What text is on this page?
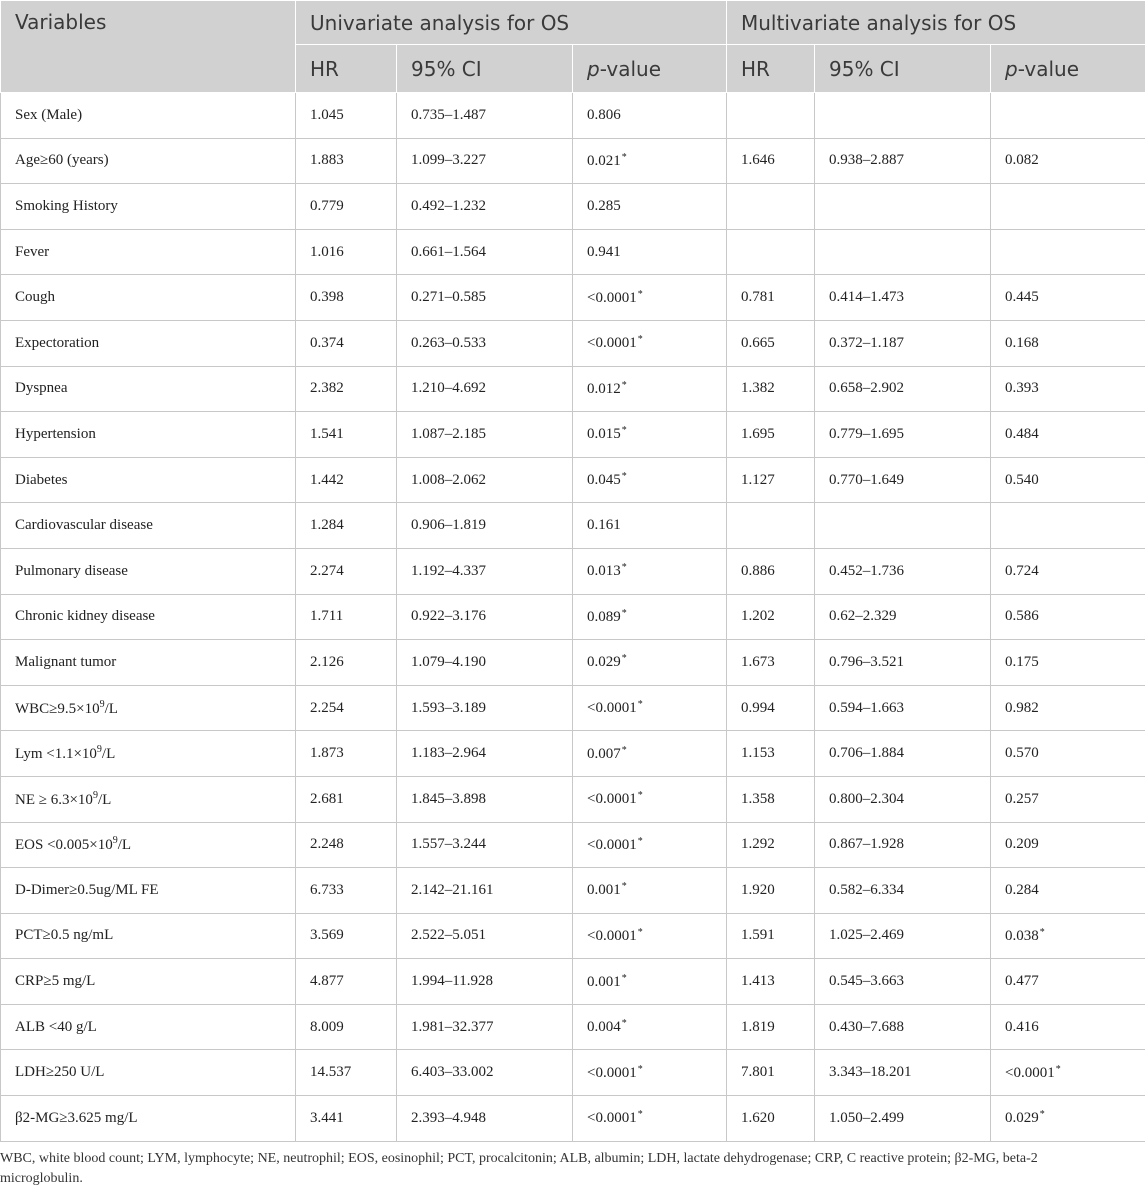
Variables	Univariate analysis for OS			Multivariate analysis for OS		
	HR	95% CI	p-value	HR	95% CI	p-value
Sex (Male)	1.045	0.735–1.487	0.806			
Age≥60 (years)	1.883	1.099–3.227	0.021*	1.646	0.938–2.887	0.082
Smoking History	0.779	0.492–1.232	0.285			
Fever	1.016	0.661–1.564	0.941			
Cough	0.398	0.271–0.585	<0.0001*	0.781	0.414–1.473	0.445
Expectoration	0.374	0.263–0.533	<0.0001*	0.665	0.372–1.187	0.168
Dyspnea	2.382	1.210–4.692	0.012*	1.382	0.658–2.902	0.393
Hypertension	1.541	1.087–2.185	0.015*	1.695	0.779–1.695	0.484
Diabetes	1.442	1.008–2.062	0.045*	1.127	0.770–1.649	0.540
Cardiovascular disease	1.284	0.906–1.819	0.161			
Pulmonary disease	2.274	1.192–4.337	0.013*	0.886	0.452–1.736	0.724
Chronic kidney disease	1.711	0.922–3.176	0.089*	1.202	0.62–2.329	0.586
Malignant tumor	2.126	1.079–4.190	0.029*	1.673	0.796–3.521	0.175
$WBC\ge 9.5\times 10^9/L$	2.254	1.593–3.189	<0.0001*	0.994	0.594–1.663	0.982
Lym $<1.1\times 10^9/L$	1.873	1.183–2.964	0.007*	1.153	0.706–1.884	0.570
NE ≥ $6.3\times 10^9/L$	2.681	1.845–3.898	<0.0001*	1.358	0.800–2.304	0.257
EOS $<0.005\times 10^9/L$	2.248	1.557–3.244	<0.0001*	1.292	0.867–1.928	0.209
D-Dimer≥0.5ug/ML FE	6.733	2.142–21.161	0.001*	1.920	0.582–6.334	0.284
PCT≥0.5 ng/mL	3.569	2.522–5.051	<0.0001*	1.591	1.025–2.469	0.038*
CRP≥5 mg/L	4.877	1.994–11.928	0.001*	1.413	0.545–3.663	0.477
ALB <40 g/L	8.009	1.981–32.377	0.004*	1.819	0.430–7.688	0.416
LDH≥250 U/L	14.537	6.403–33.002	<0.0001*	7.801	3.343–18.201	<0.0001*
β2-MG≥3.625 mg/L	3.441	2.393–4.948	<0.0001*	1.620	1.050–2.499	0.029*
WBC, white blood count; LYM, lymphocyte; NE, neutrophil; EOS, eosinophil; PCT, procalcitonin; ALB, albumin; LDH, lactate dehydrogenase; CRP, C reactive protein; β2-MG, beta-2 microglobulin.
